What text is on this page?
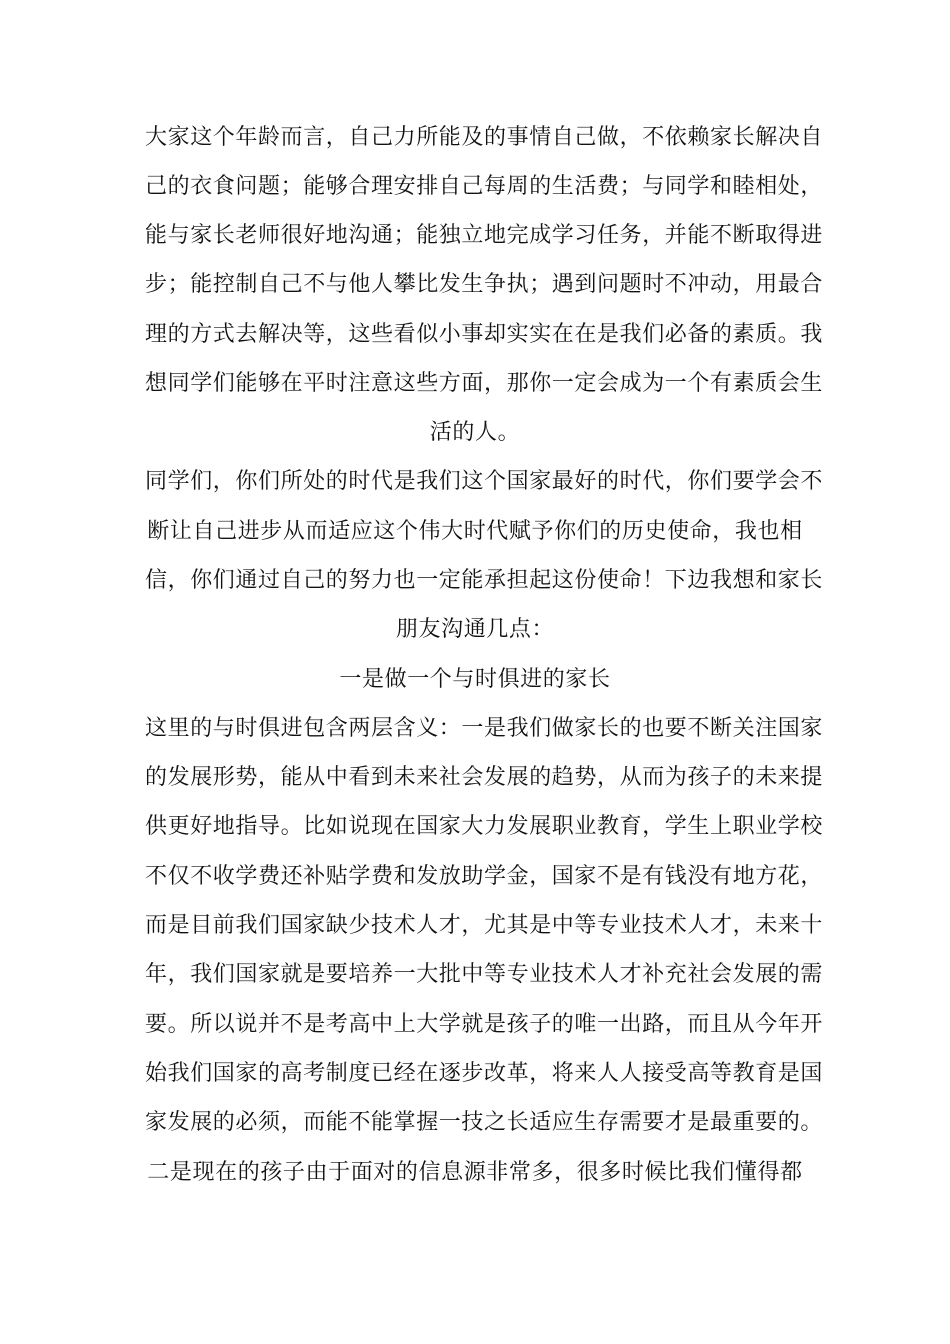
大家这个年龄而言，自己力所能及的事情自己做，不依赖家长解决自
己的衣食问题；能够合理安排自己每周的生活费；与同学和睦相处，
能与家长老师很好地沟通；能独立地完成学习任务，并能不断取得进
步；能控制自己不与他人攀比发生争执；遇到问题时不冲动，用最合
理的方式去解决等，这些看似小事却实实在在是我们必备的素质。我
想同学们能够在平时注意这些方面，那你一定会成为一个有素质会生
活的人。
同学们，你们所处的时代是我们这个国家最好的时代，你们要学会不
断让自己进步从而适应这个伟大时代赋予你们的历史使命，我也相
信，你们通过自己的努力也一定能承担起这份使命！下边我想和家长
朋友沟通几点：
一是做一个与时俱进的家长
这里的与时俱进包含两层含义：一是我们做家长的也要不断关注国家
的发展形势，能从中看到未来社会发展的趋势，从而为孩子的未来提
供更好地指导。比如说现在国家大力发展职业教育，学生上职业学校
不仅不收学费还补贴学费和发放助学金，国家不是有钱没有地方花，
而是目前我们国家缺少技术人才，尤其是中等专业技术人才，未来十
年，我们国家就是要培养一大批中等专业技术人才补充社会发展的需
要。所以说并不是考高中上大学就是孩子的唯一出路，而且从今年开
始我们国家的高考制度已经在逐步改革，将来人人接受高等教育是国
家发展的必须，而能不能掌握一技之长适应生存需要才是最重要的。
二是现在的孩子由于面对的信息源非常多，很多时候比我们懂得都
